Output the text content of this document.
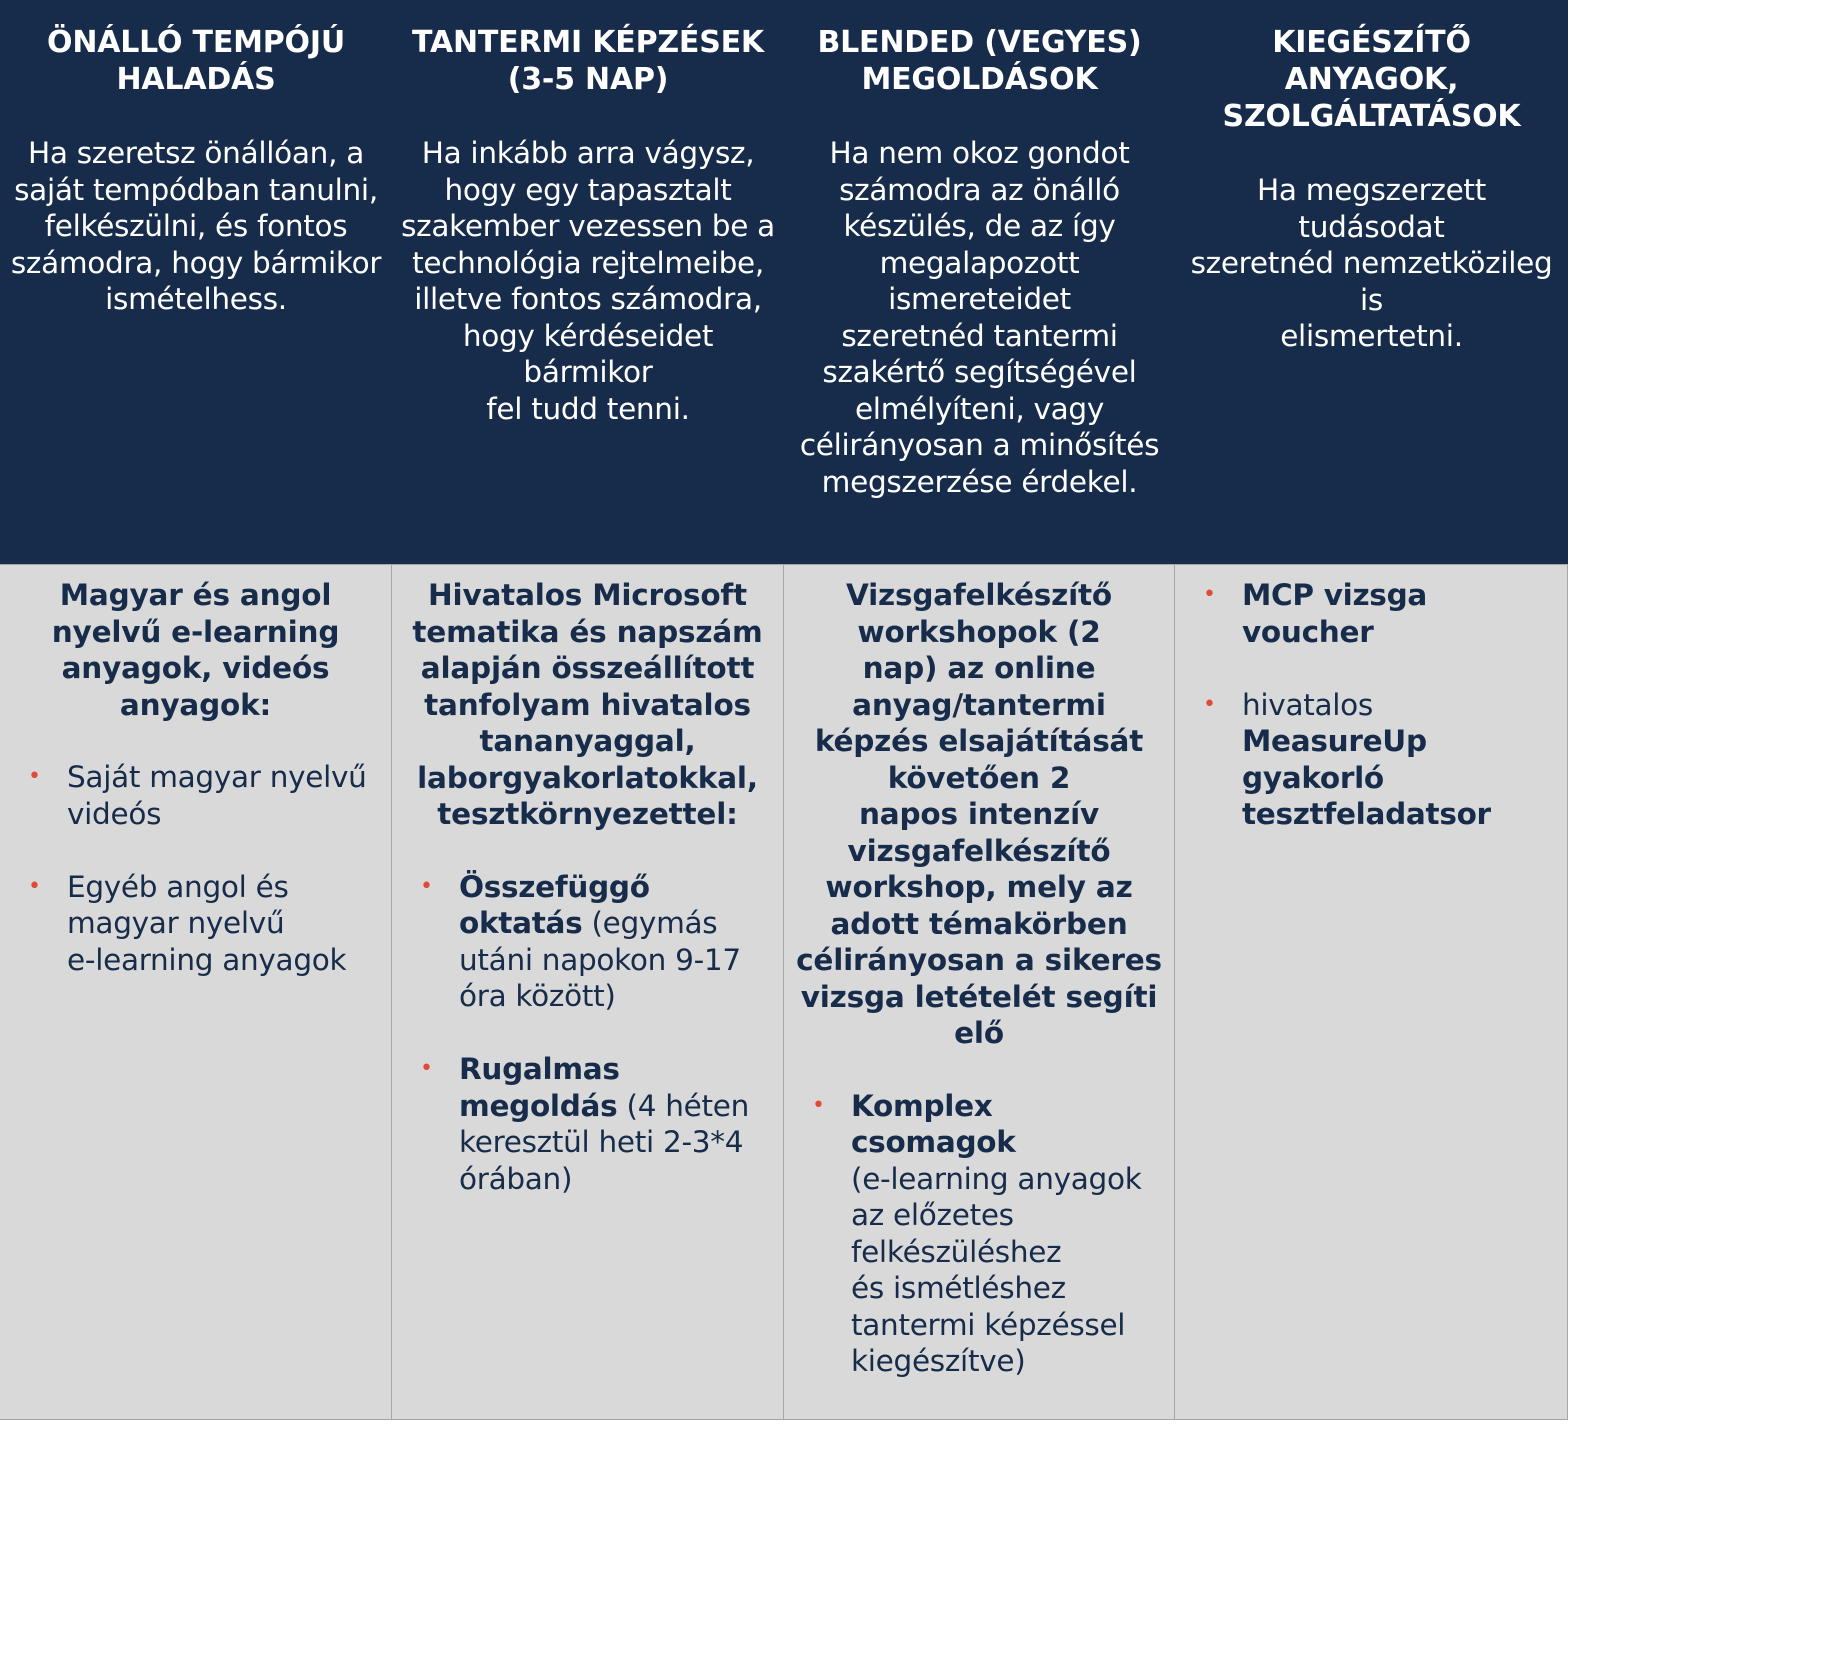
ÖNÁLLÓ TEMPÓJÚ
HALADÁS

Ha szeretsz önállóan, a
saját tempódban tanulni,
felkészülni, és fontos
számodra, hogy bármikor
ismételhess.

TANTERMI KÉPZÉSEK
(3-5 NAP)

Ha inkább arra vágysz,
hogy egy tapasztalt
szakember vezessen be a
technológia rejtelmeibe,
illetve fontos számodra,
hogy kérdéseidet bármikor
fel tudd tenni.

BLENDED (VEGYES)
MEGOLDÁSOK

Ha nem okoz gondot
számodra az önálló
készülés, de az így
megalapozott ismereteidet
szeretnéd tantermi
szakértő segítségével
elmélyíteni, vagy
célirányosan a minősítés
megszerzése érdekel.

KIEGÉSZÍTŐ ANYAGOK,
SZOLGÁLTATÁSOK

Ha megszerzett tudásodat
szeretnéd nemzetközileg is
elismertetni.

Magyar és angol
nyelvű e-learning
anyagok, videós
anyagok:
• Saját magyar nyelvű
videós
• Egyéb angol és
magyar nyelvű
e-learning anyagok
Hivatalos Microsoft
tematika és napszám
alapján összeállított
tanfolyam hivatalos
tananyaggal,
laborgyakorlatokkal,
tesztkörnyezettel:
• Összefüggő
oktatás (egymás
utáni napokon 9-17
óra között)
• Rugalmas
megoldás (4 héten
keresztül heti 2-3*4
órában)
Vizsgafelkészítő
workshopok (2
nap) az online
anyag/tantermi
képzés elsajátítását
követően 2
napos intenzív
vizsgafelkészítő
workshop, mely az
adott témakörben
célirányosan a sikeres
vizsga letételét segíti
elő
• Komplex
csomagok
(e-learning anyagok
az előzetes
felkészüléshez
és ismétléshez
tantermi képzéssel
kiegészítve)
• MCP vizsga
voucher
• hivatalos
MeasureUp
gyakorló
tesztfeladatsor
